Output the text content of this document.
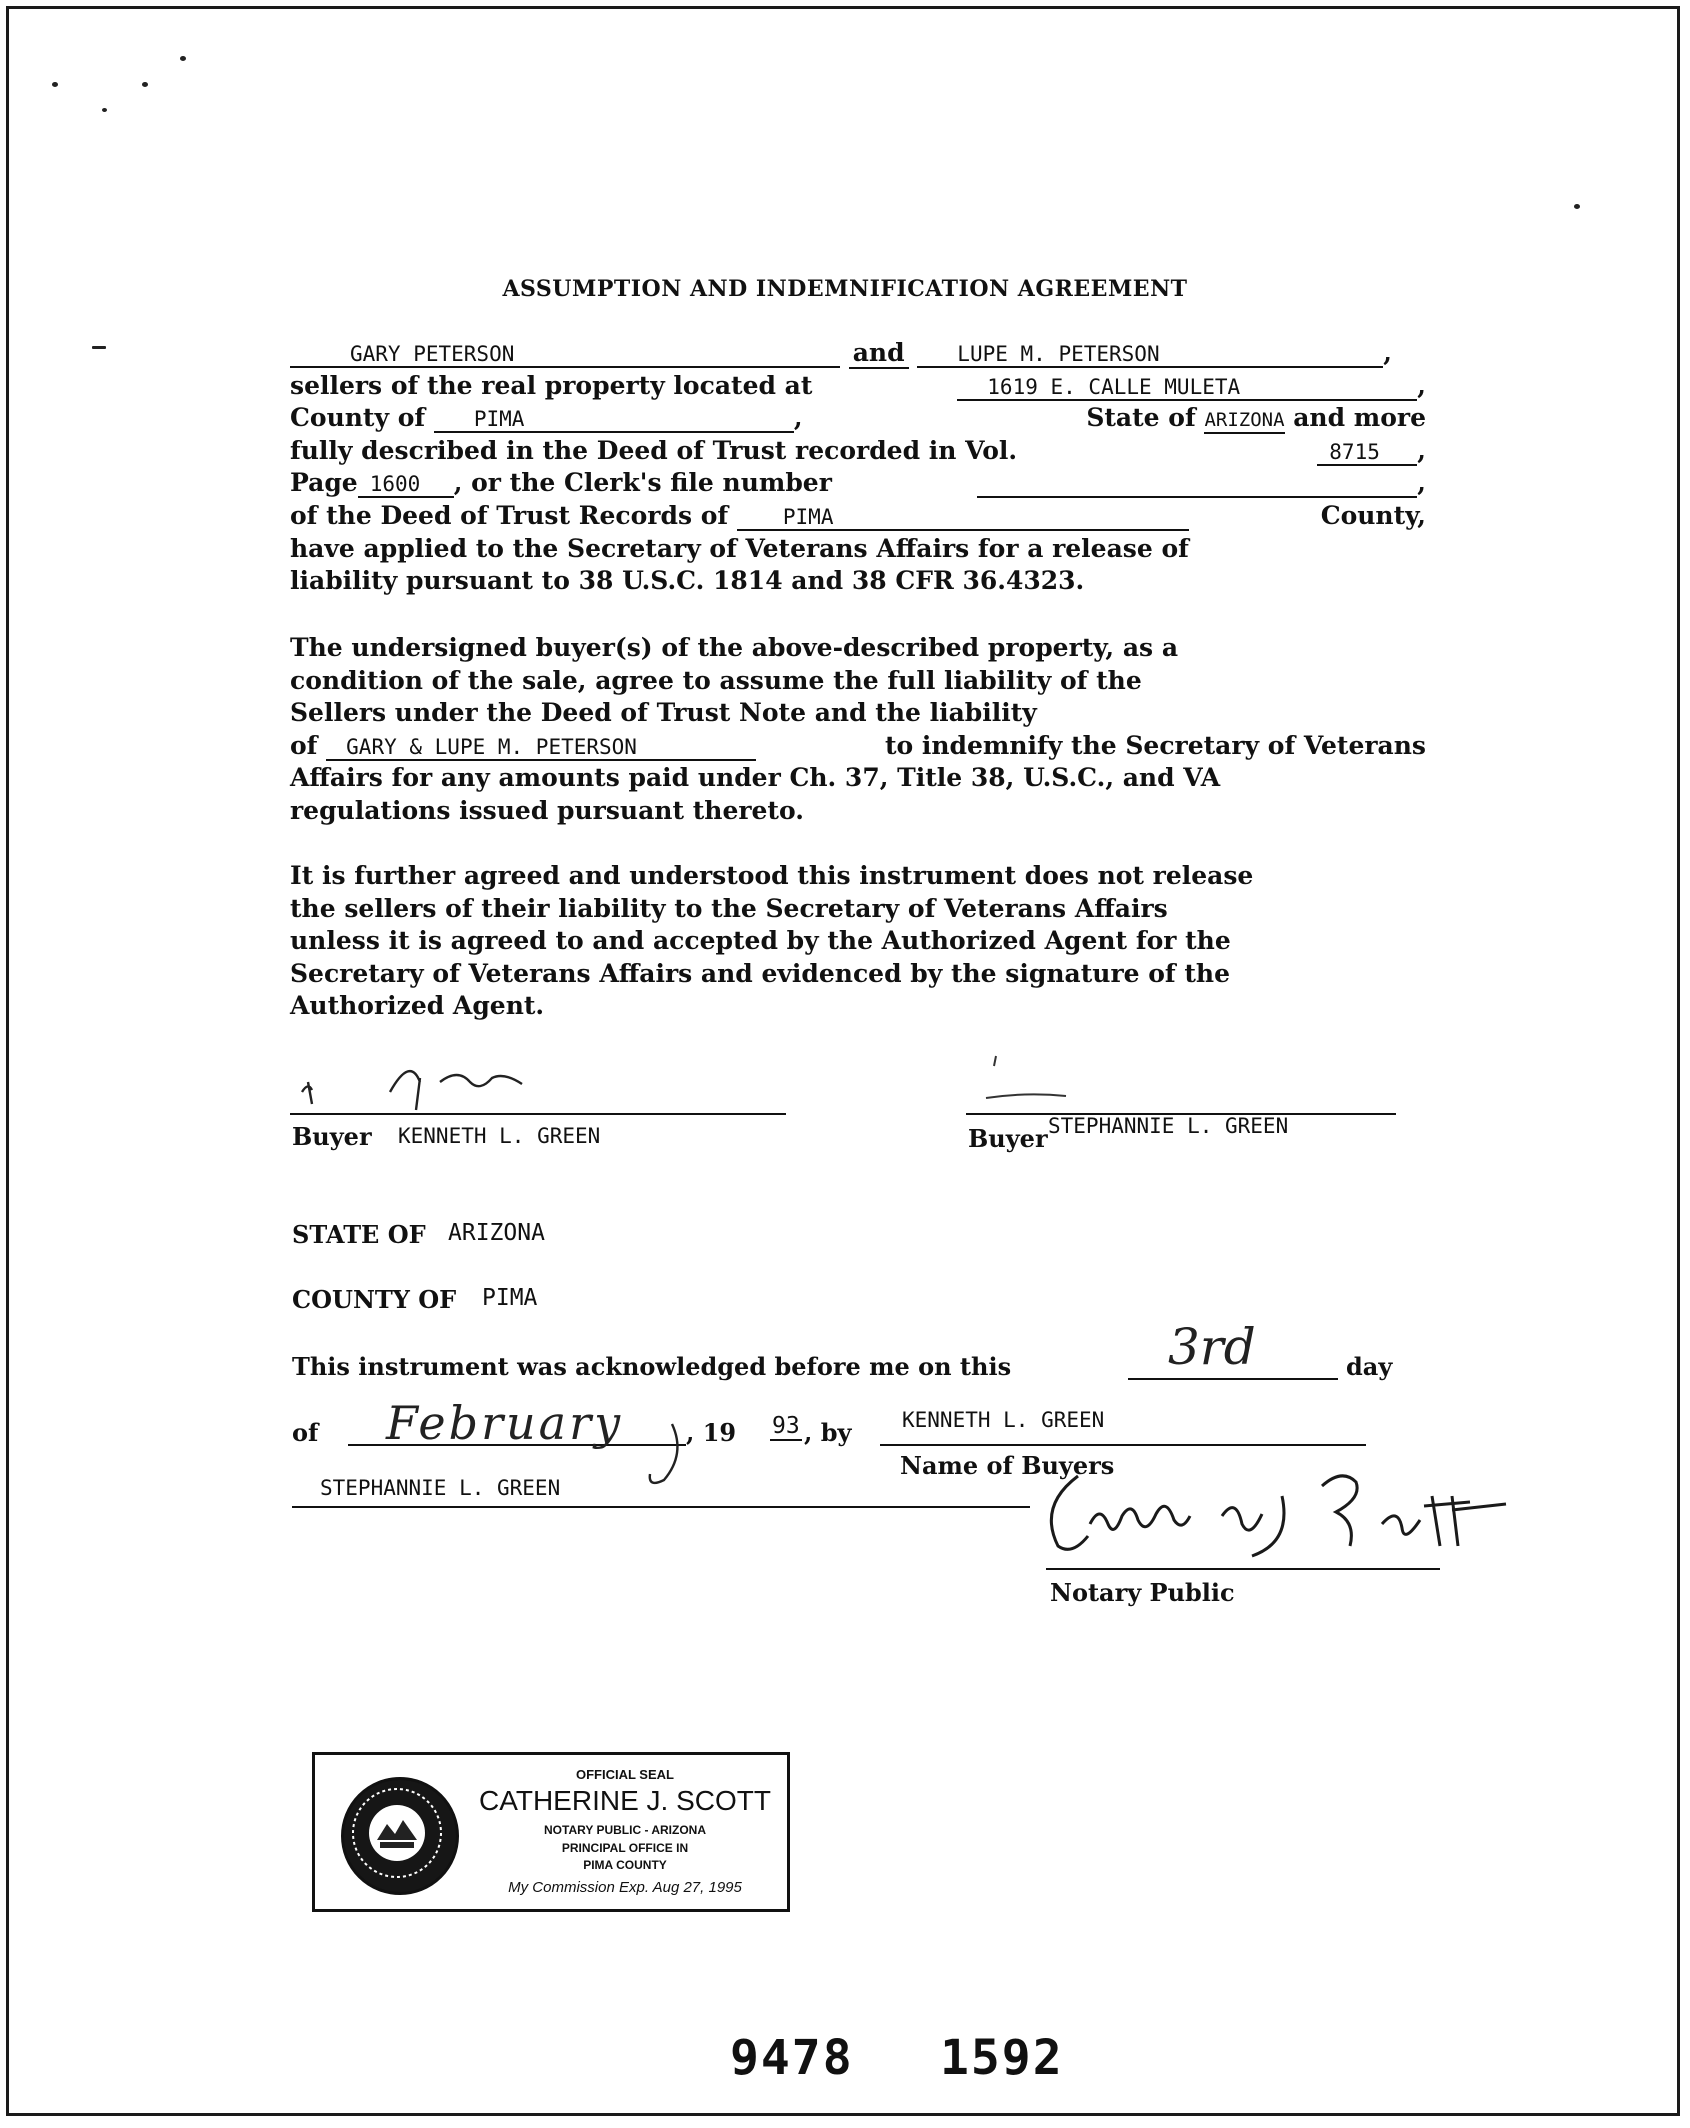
ASSUMPTION AND INDEMNIFICATION AGREEMENT
GARY PETERSON	and	LUPE M. PETERSON	,
sellers of the real property located at	1619 E. CALLE MULETA	,
County of PIMA	,	State of ARIZONA and more
fully described in the Deed of Trust recorded in Vol.	8715 ,
Page 1600 , or the Clerk's file number	,
of the Deed of Trust Records of	PIMA	County,
have applied to the Secretary of Veterans Affairs for a release of
liability pursuant to 38 U.S.C. 1814 and 38 CFR 36.4323.
The undersigned buyer(s) of the above-described property, as a
condition of the sale, agree to assume the full liability of the
Sellers under the Deed of Trust Note and the liability
of GARY & LUPE M. PETERSON	to indemnify the Secretary of Veterans
Affairs for any amounts paid under Ch. 37, Title 38, U.S.C., and VA
regulations issued pursuant thereto.
It is further agreed and understood this instrument does not release
the sellers of their liability to the Secretary of Veterans Affairs
unless it is agreed to and accepted by the Authorized Agent for the
Secretary of Veterans Affairs and evidenced by the signature of the
Authorized Agent.
Buyer KENNETH L. GREEN	Buyer STEPHANNIE L. GREEN
STATE OF ARIZONA
COUNTY OF PIMA
This instrument was acknowledged before me on this	3rd	day
of February	, 19 93 , by KENNETH L. GREEN
Name of Buyers
STEPHANNIE L. GREEN
Notary Public
OFFICIAL SEAL
CATHERINE J. SCOTT
NOTARY PUBLIC - ARIZONA
PRINCIPAL OFFICE IN
PIMA COUNTY
My Commission Exp. Aug 27, 1995
9478 1592
